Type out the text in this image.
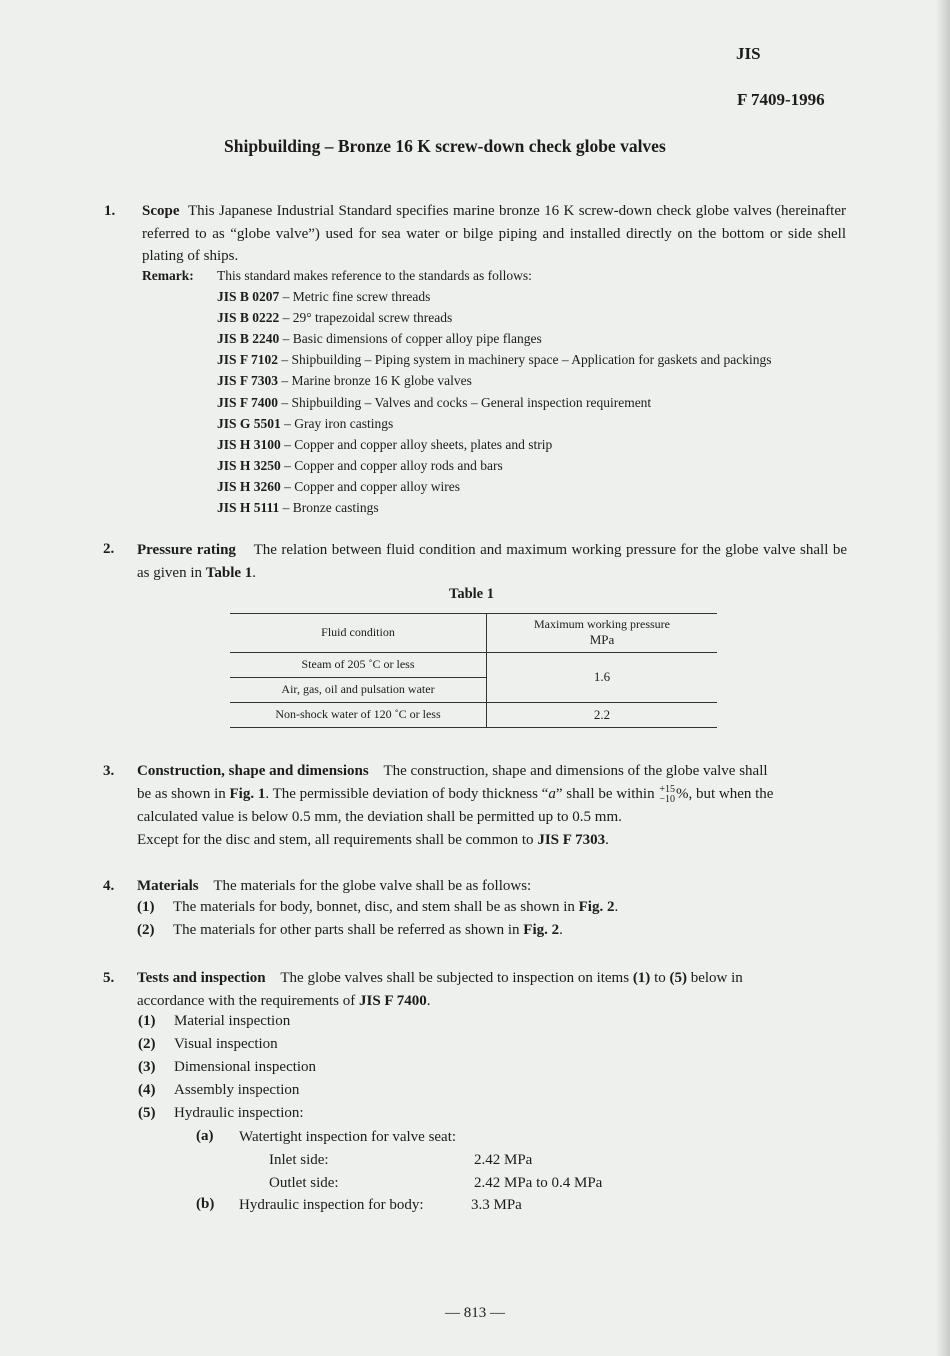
JIS
F 7409-1996
Shipbuilding – Bronze 16 K screw-down check globe valves
1. Scope This Japanese Industrial Standard specifies marine bronze 16 K screw-down check globe valves (hereinafter referred to as “globe valve”) used for sea water or bilge piping and installed directly on the bottom or side shell plating of ships.
Remark: This standard makes reference to the standards as follows:
JIS B 0207 – Metric fine screw threads
JIS B 0222 – 29° trapezoidal screw threads
JIS B 2240 – Basic dimensions of copper alloy pipe flanges
JIS F 7102 – Shipbuilding – Piping system in machinery space – Application for gaskets and packings
JIS F 7303 – Marine bronze 16 K globe valves
JIS F 7400 – Shipbuilding – Valves and cocks – General inspection requirement
JIS G 5501 – Gray iron castings
JIS H 3100 – Copper and copper alloy sheets, plates and strip
JIS H 3250 – Copper and copper alloy rods and bars
JIS H 3260 – Copper and copper alloy wires
JIS H 5111 – Bronze castings
2. Pressure rating The relation between fluid condition and maximum working pressure for the globe valve shall be as given in Table 1.
Table 1
Fluid condition	Maximum working pressure
MPa

Steam of 205 ˚C or less	1.6
Air, gas, oil and pulsation water	
Non-shock water of 120 ˚C or less	2.2
3. Construction, shape and dimensions The construction, shape and dimensions of the globe valve shall
be as shown in Fig. 1. The permissible deviation of body thickness “a” shall be within +15
−10 %, but when the
calculated value is below 0.5 mm, the deviation shall be permitted up to 0.5 mm.
Except for the disc and stem, all requirements shall be common to JIS F 7303.
4. Materials The materials for the globe valve shall be as follows:
(1) The materials for body, bonnet, disc, and stem shall be as shown in Fig. 2.
(2) The materials for other parts shall be referred as shown in Fig. 2.
5. Tests and inspection The globe valves shall be subjected to inspection on items (1) to (5) below in
accordance with the requirements of JIS F 7400.
(1) Material inspection
(2) Visual inspection
(3) Dimensional inspection
(4) Assembly inspection
(5) Hydraulic inspection:
(a) Watertight inspection for valve seat:
Inlet side:	2.42 MPa
Outlet side:	2.42 MPa to 0.4 MPa
(b) Hydraulic inspection for body:	3.3 MPa
— 813 —
